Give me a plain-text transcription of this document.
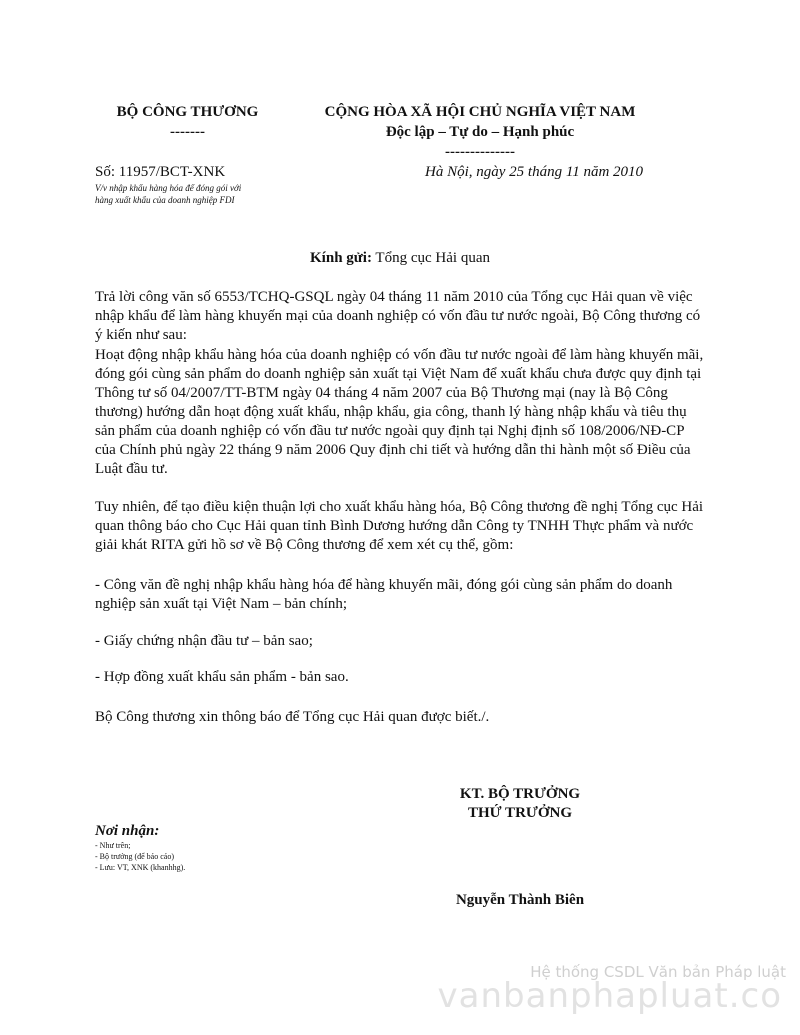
BỘ CÔNG THƯƠNG
-------
CỘNG HÒA XÃ HỘI CHỦ NGHĨA VIỆT NAM
Độc lập – Tự do – Hạnh phúc
--------------
Số: 11957/BCT-XNK
V/v nhập khẩu hàng hóa để đóng gói với
hàng xuất khẩu của doanh nghiệp FDI
Hà Nội, ngày 25 tháng 11 năm 2010
Kính gửi: Tổng cục Hải quan

Trả lời công văn số 6553/TCHQ-GSQL ngày 04 tháng 11 năm 2010 của Tổng cục Hải quan về việc nhập khẩu để làm hàng khuyến mại của doanh nghiệp có vốn đầu tư nước ngoài, Bộ Công thương có ý kiến như sau:

Hoạt động nhập khẩu hàng hóa của doanh nghiệp có vốn đầu tư nước ngoài để làm hàng khuyến mãi, đóng gói cùng sản phẩm do doanh nghiệp sản xuất tại Việt Nam để xuất khẩu chưa được quy định tại Thông tư số 04/2007/TT-BTM ngày 04 tháng 4 năm 2007 của Bộ Thương mại (nay là Bộ Công thương) hướng dẫn hoạt động xuất khẩu, nhập khẩu, gia công, thanh lý hàng nhập khẩu và tiêu thụ sản phẩm của doanh nghiệp có vốn đầu tư nước ngoài quy định tại Nghị định số 108/2006/NĐ-CP của Chính phủ ngày 22 tháng 9 năm 2006 Quy định chi tiết và hướng dẫn thi hành một số Điều của Luật đầu tư.

Tuy nhiên, để tạo điều kiện thuận lợi cho xuất khẩu hàng hóa, Bộ Công thương đề nghị Tổng cục Hải quan thông báo cho Cục Hải quan tỉnh Bình Dương hướng dẫn Công ty TNHH Thực phẩm và nước giải khát RITA gửi hồ sơ về Bộ Công thương để xem xét cụ thể, gồm:

- Công văn đề nghị nhập khẩu hàng hóa để hàng khuyến mãi, đóng gói cùng sản phẩm do doanh nghiệp sản xuất tại Việt Nam – bản chính;

- Giấy chứng nhận đầu tư – bản sao;

- Hợp đồng xuất khẩu sản phẩm - bản sao.

Bộ Công thương xin thông báo để Tổng cục Hải quan được biết./.

KT. BỘ TRƯỞNG
THỨ TRƯỞNG
Nơi nhận:
- Như trên;
- Bộ trưởng (để báo cáo)
- Lưu: VT, XNK (khanhhg).
Nguyễn Thành Biên
Hệ thống CSDL Văn bản Pháp luật
vanbanphapluat.co
